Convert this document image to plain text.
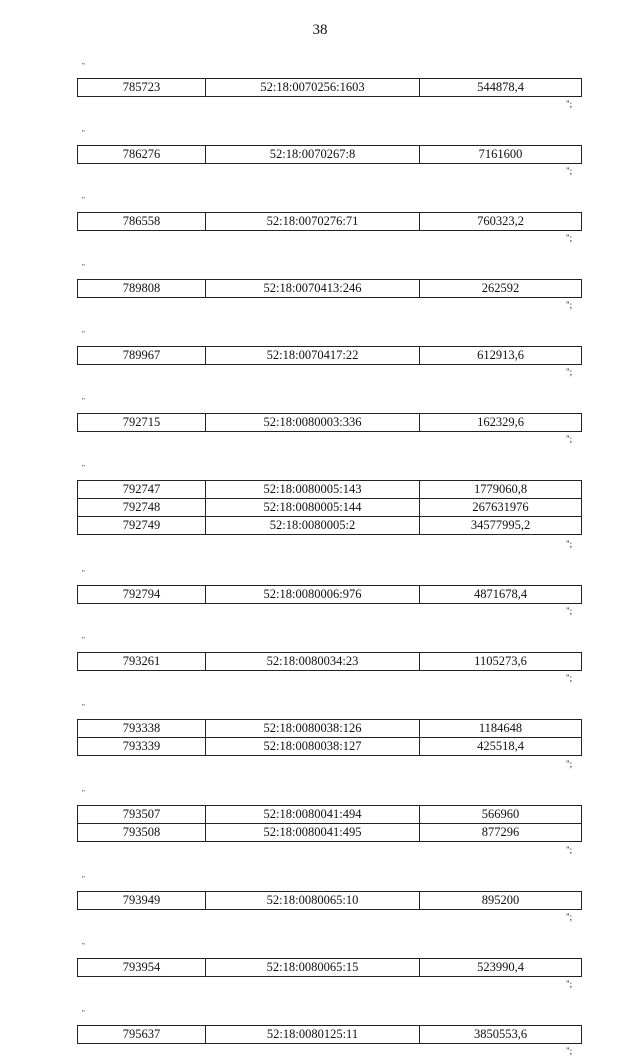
38
"
785723	52:18:0070256:1603	544878,4
";
"
786276	52:18:0070267:8	7161600
";
"
786558	52:18:0070276:71	760323,2
";
"
789808	52:18:0070413:246	262592
";
"
789967	52:18:0070417:22	612913,6
";
"
792715	52:18:0080003:336	162329,6
";
"
792747	52:18:0080005:143	1779060,8
792748	52:18:0080005:144	267631976
792749	52:18:0080005:2	34577995,2
";
"
792794	52:18:0080006:976	4871678,4
";
"
793261	52:18:0080034:23	1105273,6
";
"
793338	52:18:0080038:126	1184648
793339	52:18:0080038:127	425518,4
";
"
793507	52:18:0080041:494	566960
793508	52:18:0080041:495	877296
";
"
793949	52:18:0080065:10	895200
";
"
793954	52:18:0080065:15	523990,4
";
"
795637	52:18:0080125:11	3850553,6
";
